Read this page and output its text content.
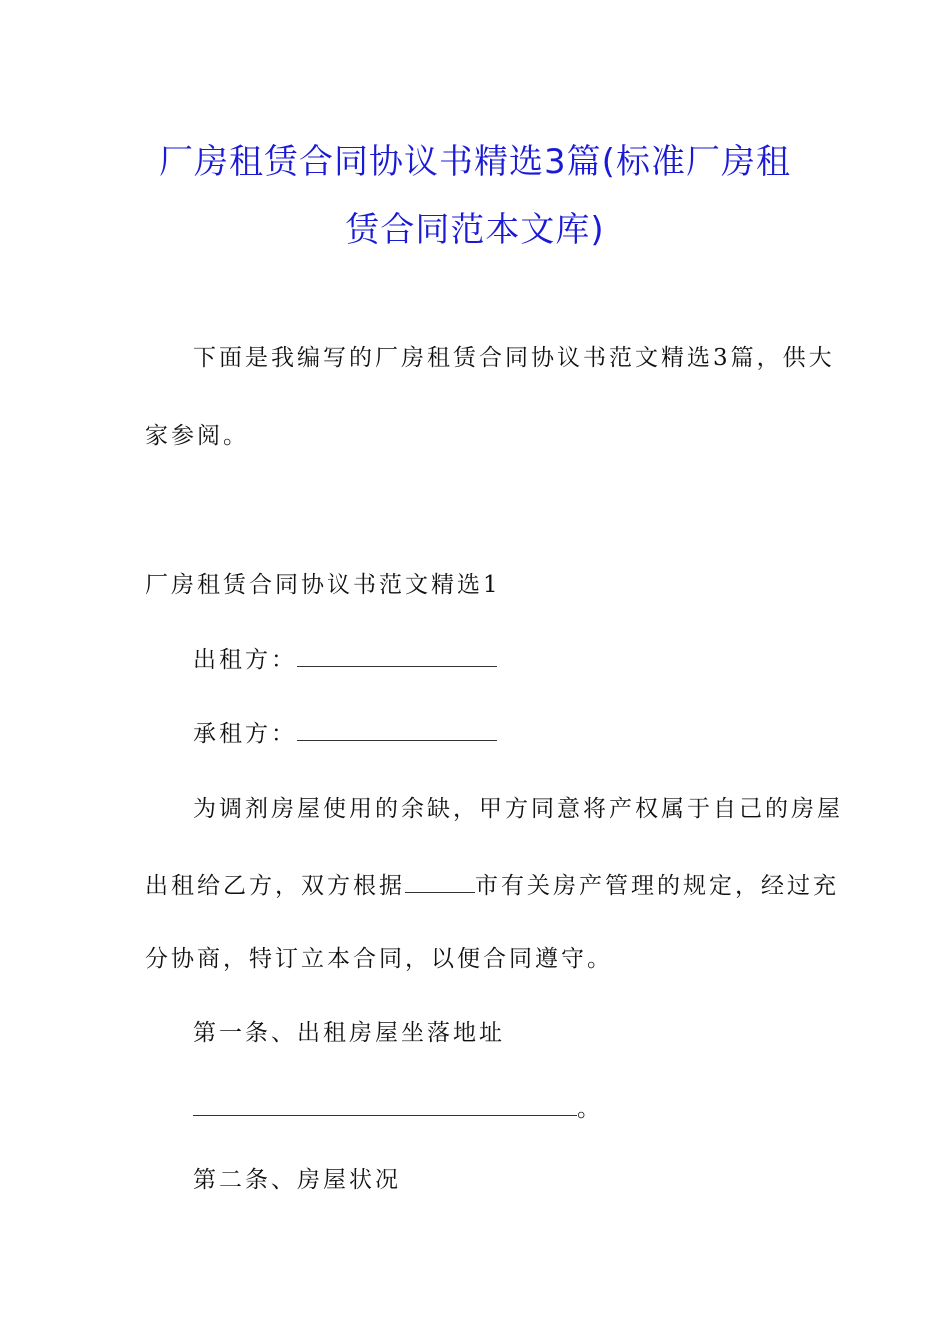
厂房租赁合同协议书精选3篇(标准厂房租
赁合同范本文库)
下面是我编写的厂房租赁合同协议书范文精选3篇，供大
家参阅。
厂房租赁合同协议书范文精选1
出租方：
承租方：
为调剂房屋使用的余缺，甲方同意将产权属于自己的房屋
出租给乙方，双方根据	市有关房产管理的规定，经过充
分协商，特订立本合同，以便合同遵守。
第一条、出租房屋坐落地址
。
第二条、房屋状况
